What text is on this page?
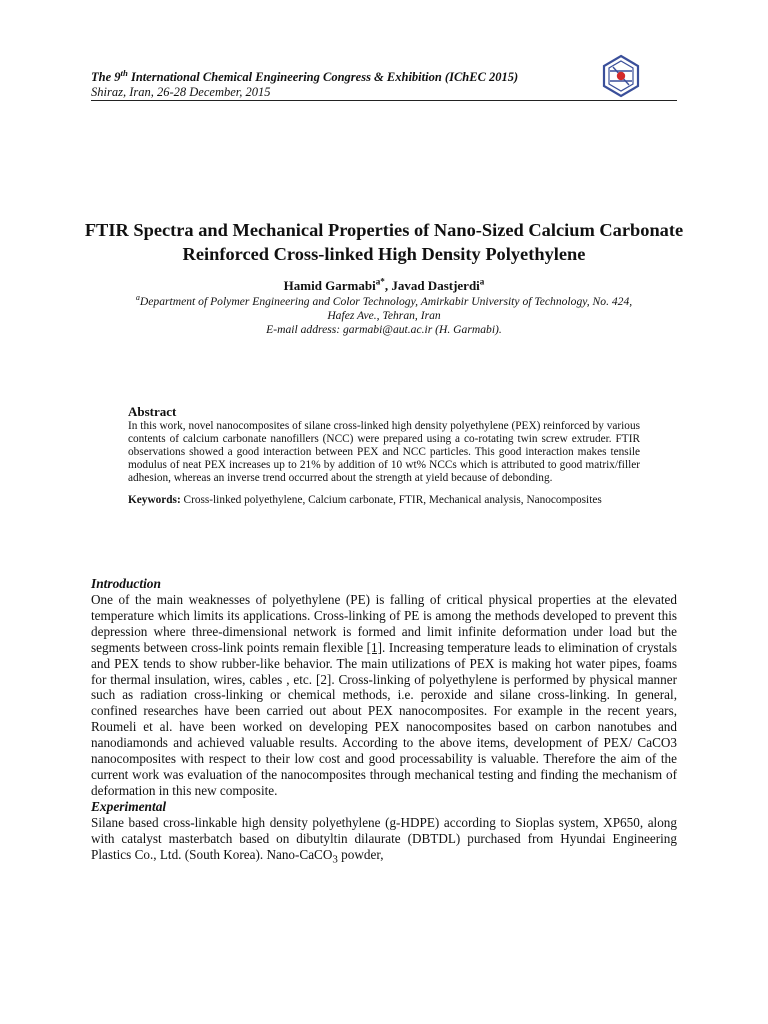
The 9th International Chemical Engineering Congress & Exhibition (IChEC 2015)
Shiraz, Iran, 26-28 December, 2015
FTIR Spectra and Mechanical Properties of Nano-Sized Calcium Carbonate Reinforced Cross-linked High Density Polyethylene
Hamid Garmabi$^{a*}$, Javad Dastjerdi$^a$
$^a$Department of Polymer Engineering and Color Technology, Amirkabir University of Technology, No. 424,
Hafez Ave., Tehran, Iran
E-mail address: garmabi@aut.ac.ir (H. Garmabi).
Abstract
In this work, novel nanocomposites of silane cross-linked high density polyethylene (PEX) reinforced by various contents of calcium carbonate nanofillers (NCC) were prepared using a co-rotating twin screw extruder. FTIR observations showed a good interaction between PEX and NCC particles. This good interaction makes tensile modulus of neat PEX increases up to 21% by addition of 10 wt% NCCs which is attributed to good matrix/filler adhesion, whereas an inverse trend occurred about the strength at yield because of debonding.
Keywords: Cross-linked polyethylene, Calcium carbonate, FTIR, Mechanical analysis, Nanocomposites
Introduction

One of the main weaknesses of polyethylene (PE) is falling of critical physical properties at the elevated temperature which limits its applications. Cross-linking of PE is among the methods developed to prevent this depression where three-dimensional network is formed and limit infinite deformation under load but the segments between cross-link points remain flexible [1]. Increasing temperature leads to elimination of crystals and PEX tends to show rubber-like behavior. The main utilizations of PEX is making hot water pipes, foams for thermal insulation, wires, cables , etc. [2]. Cross-linking of polyethylene is performed by physical manner such as radiation cross-linking or chemical methods, i.e. peroxide and silane cross-linking. In general, confined researches have been carried out about PEX nanocomposites. For example in the recent years, Roumeli et al. have been worked on developing PEX nanocomposites based on carbon nanotubes and nanodiamonds and achieved valuable results. According to the above items, development of PEX/ CaCO3 nanocomposites with respect to their low cost and good processability is valuable. Therefore the aim of the current work was evaluation of the nanocomposites through mechanical testing and finding the mechanism of deformation in this new composite.

Experimental

Silane based cross-linkable high density polyethylene (g-HDPE) according to Sioplas system, XP650, along with catalyst masterbatch based on dibutyltin dilaurate (DBTDL) purchased from Hyundai Engineering Plastics Co., Ltd. (South Korea). Nano-CaCO$_3$ powder,
